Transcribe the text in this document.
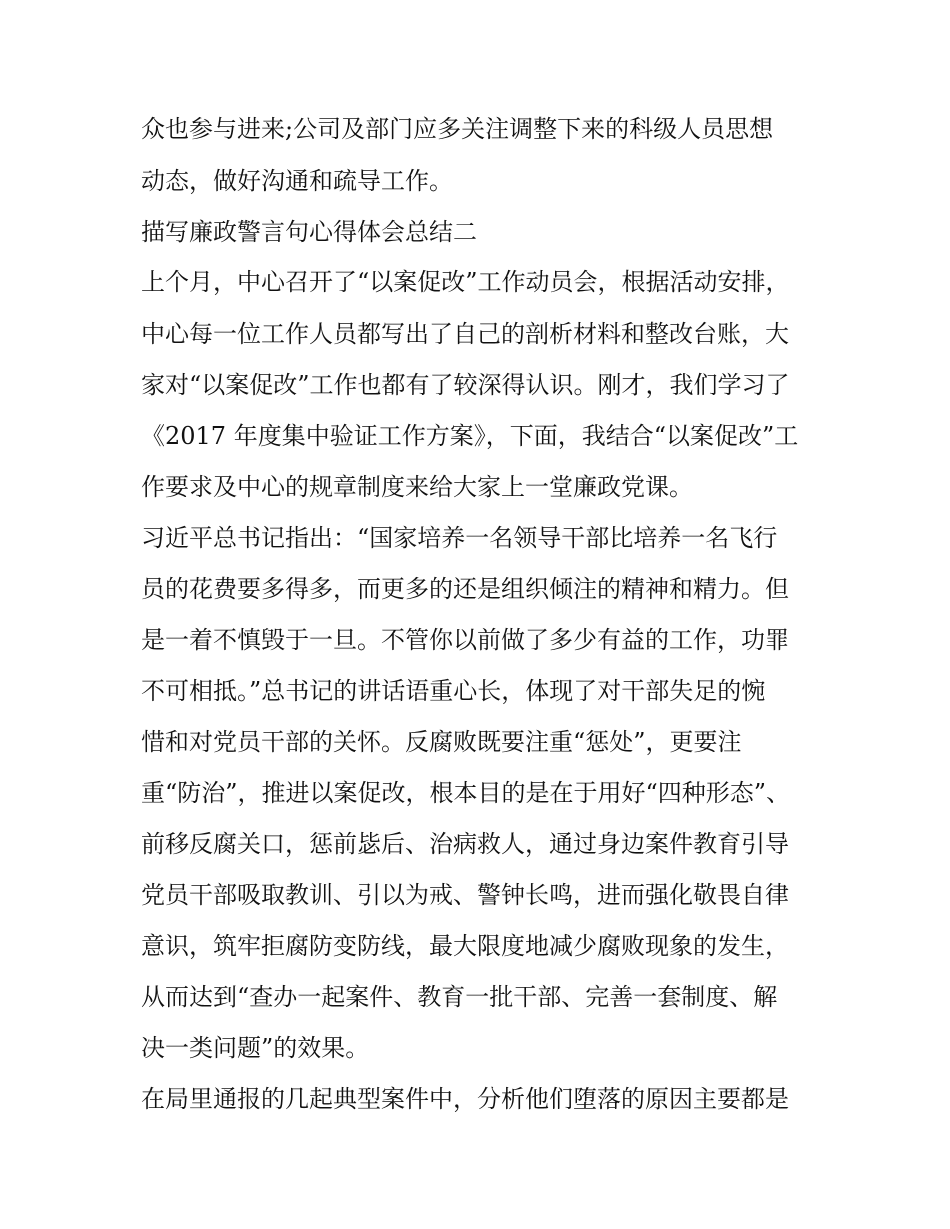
众也参与进来;公司及部门应多关注调整下来的科级人员思想
动态，做好沟通和疏导工作。
描写廉政警言句心得体会总结二
上个月，中心召开了“以案促改”工作动员会，根据活动安排，
中心每一位工作人员都写出了自己的剖析材料和整改台账，大
家对“以案促改”工作也都有了较深得认识。刚才，我们学习了
《2017 年度集中验证工作方案》，下面，我结合“以案促改”工
作要求及中心的规章制度来给大家上一堂廉政党课。
习近平总书记指出：“国家培养一名领导干部比培养一名飞行
员的花费要多得多，而更多的还是组织倾注的精神和精力。但
是一着不慎毁于一旦。不管你以前做了多少有益的工作，功罪
不可相抵。”总书记的讲话语重心长，体现了对干部失足的惋
惜和对党员干部的关怀。反腐败既要注重“惩处”，更要注
重“防治”，推进以案促改，根本目的是在于用好“四种形态”、
前移反腐关口，惩前毖后、治病救人，通过身边案件教育引导
党员干部吸取教训、引以为戒、警钟长鸣，进而强化敬畏自律
意识，筑牢拒腐防变防线，最大限度地减少腐败现象的发生，
从而达到“查办一起案件、教育一批干部、完善一套制度、解
决一类问题”的效果。
在局里通报的几起典型案件中，分析他们堕落的原因主要都是
